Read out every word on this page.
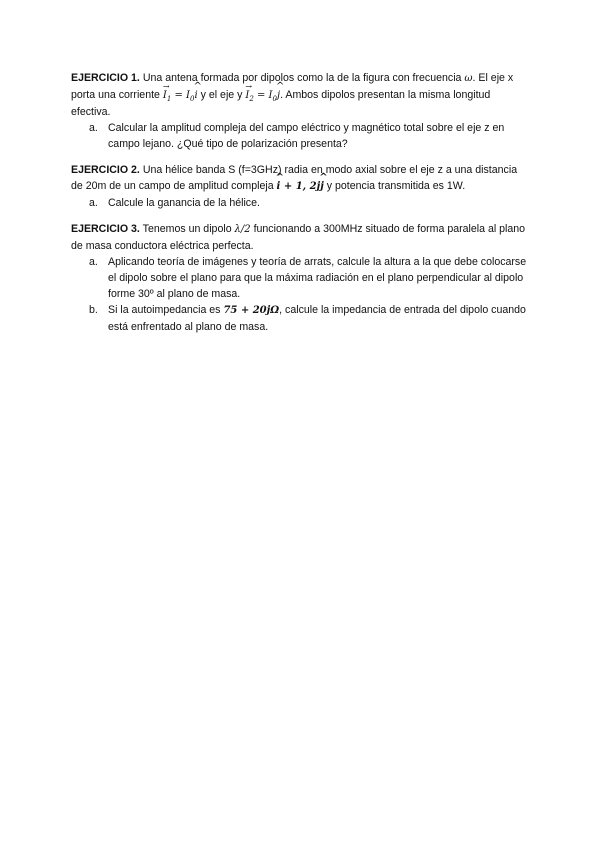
EJERCICIO 1. Una antena formada por dipolos como la de la figura con frecuencia ω. El eje x porta una corriente → $I_1$ = $I_0\^{}$ i y el eje $y \to I_2$ = $I_0\^{}$ j. Ambos dipolos presentan la misma longitud efectiva.

a. Calcular la amplitud compleja del campo eléctrico y magnético total sobre el eje z en campo lejano. ¿Qué tipo de polarización presenta?

EJERCICIO 2. Una hélice banda S (f=3GHz) radia en modo axial sobre el eje z a una distancia de 20m de un campo de amplitud compleja ^ i + 1, 2j^ j y potencia transmitida es 1W.

a. Calcule la ganancia de la hélice.

EJERCICIO 3. Tenemos un dipolo λ/2 funcionando a 300MHz situado de forma paralela al plano de masa conductora eléctrica perfecta.

a. Aplicando teoría de imágenes y teoría de arrats, calcule la altura a la que debe colocarse el dipolo sobre el plano para que la máxima radiación en el plano perpendicular al dipolo forme 30º al plano de masa.
b. Si la autoimpedancia es 75 + 20jΩ, calcule la impedancia de entrada del dipolo cuando está enfrentado al plano de masa.
